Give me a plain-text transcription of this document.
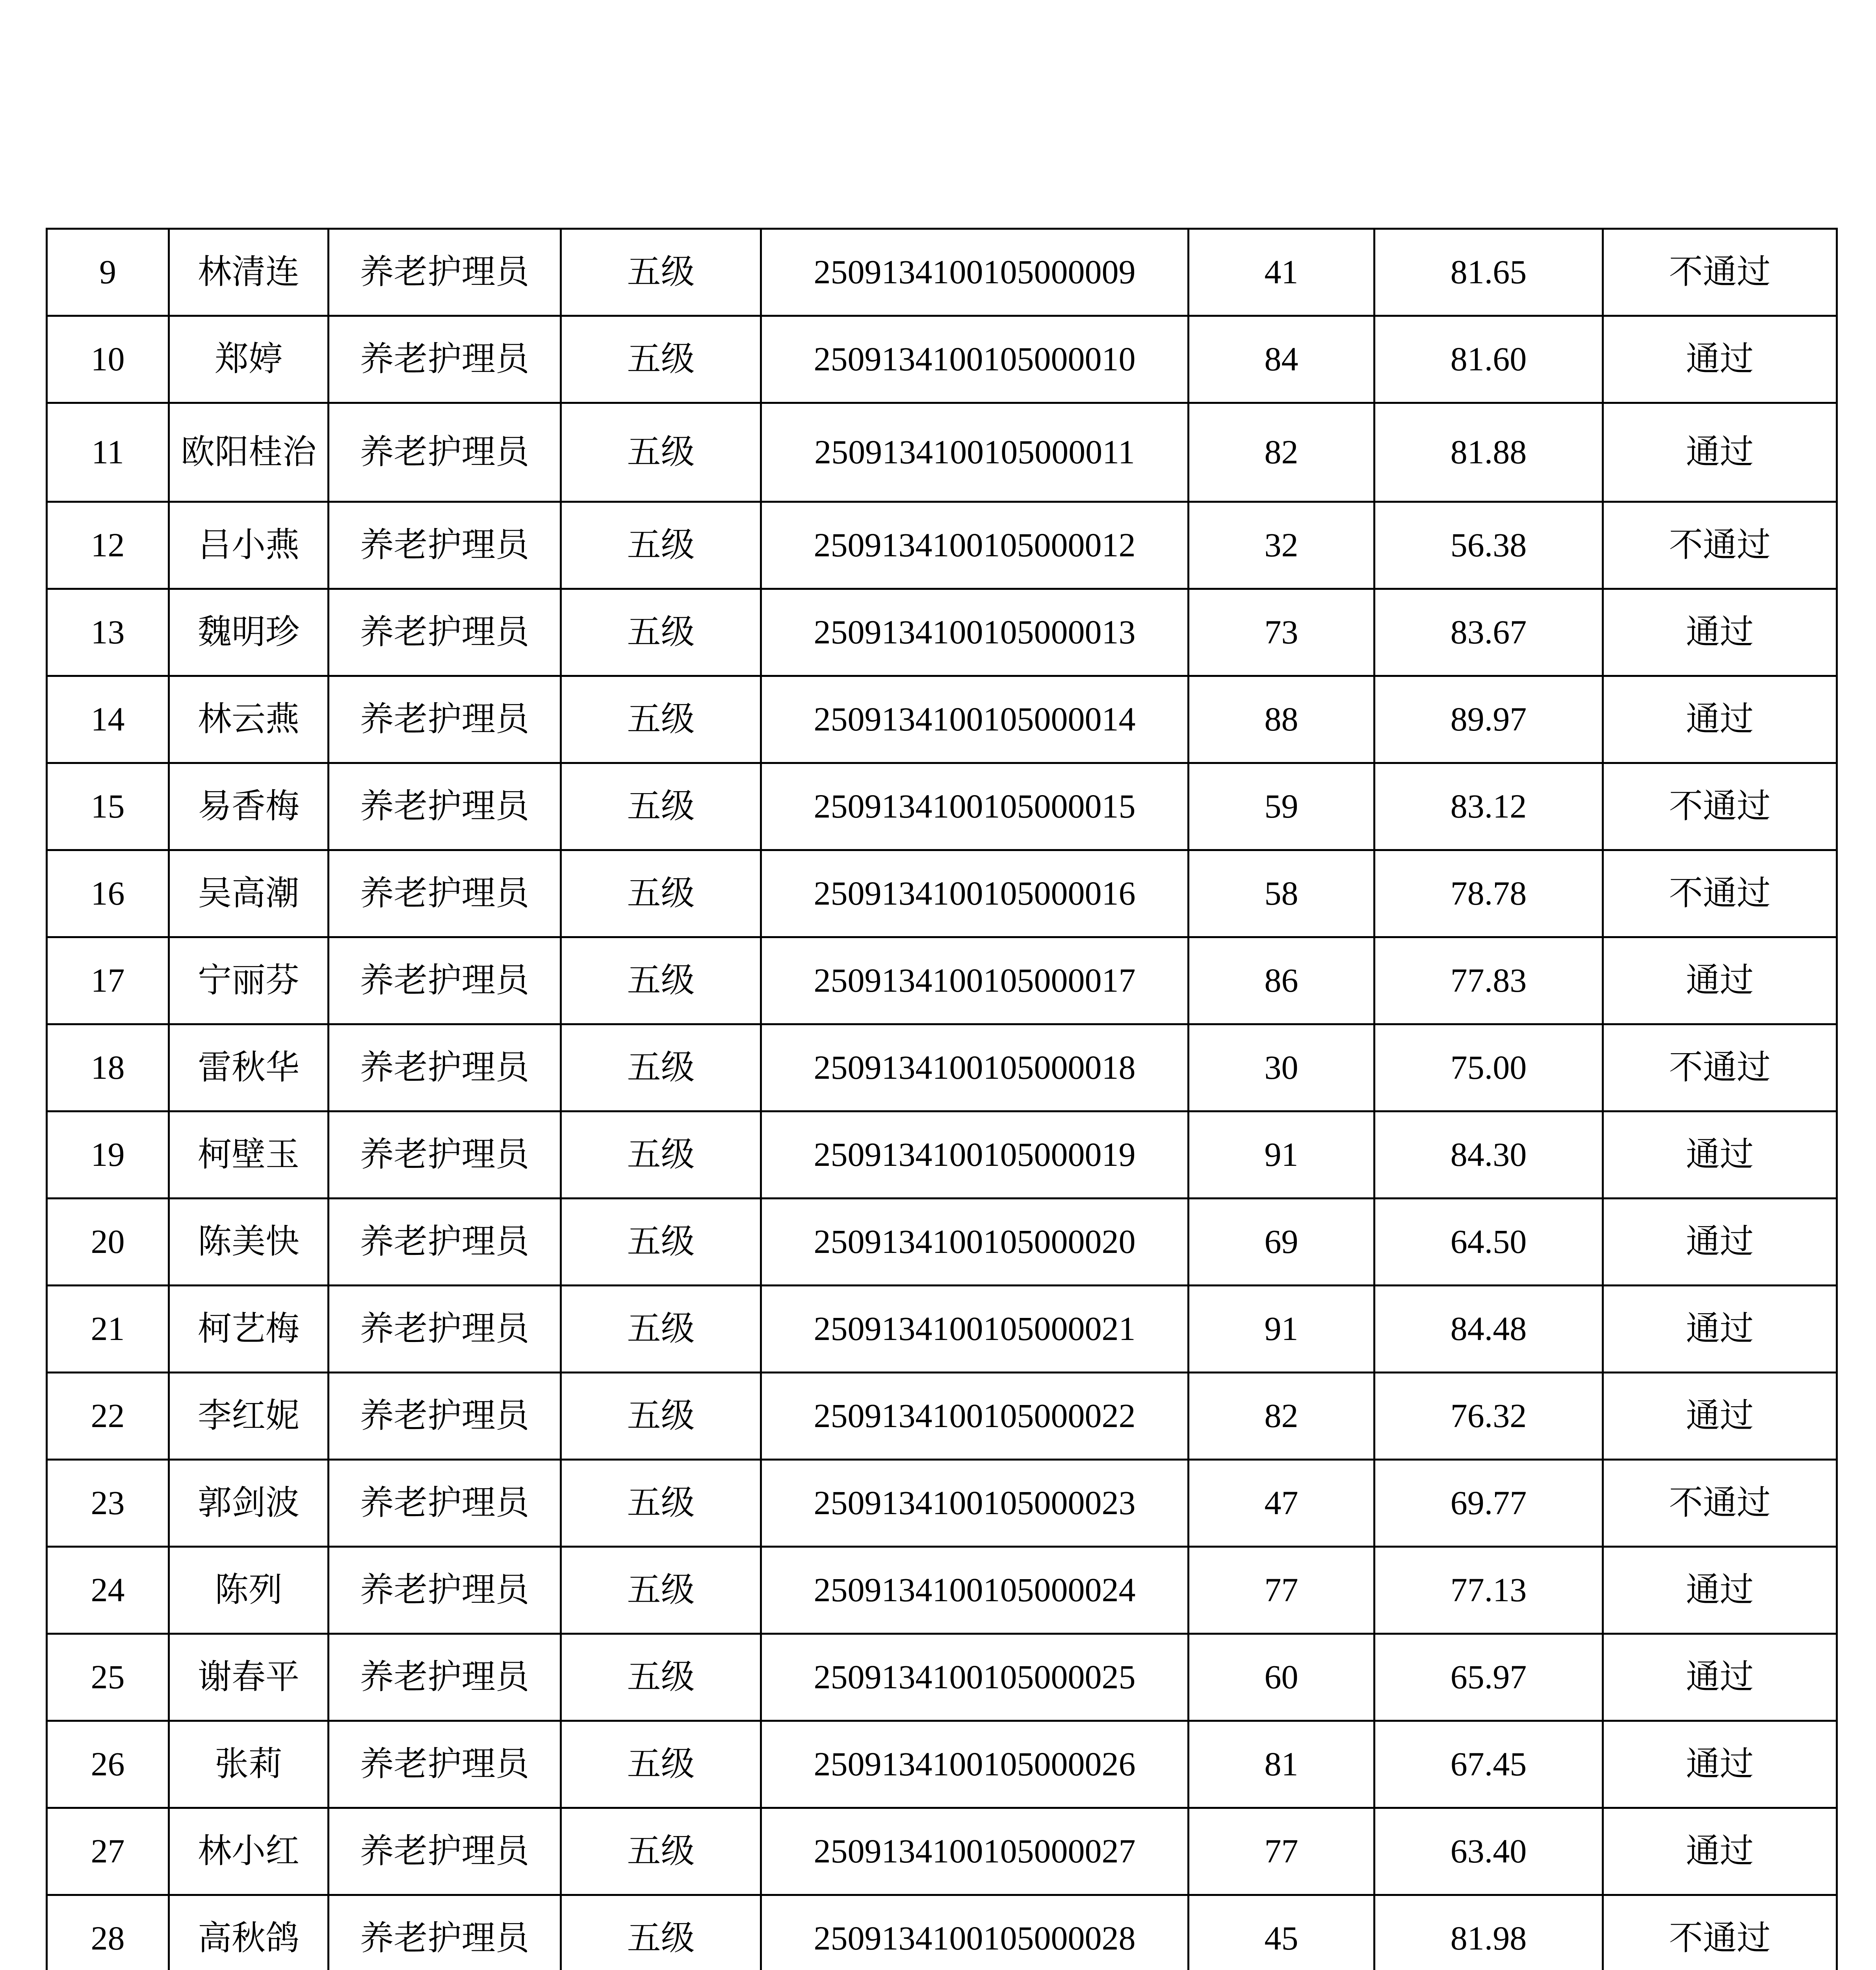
9	林清连	养老护理员	五级	2509134100105000009	41	81.65	不通过
10	郑婷	养老护理员	五级	2509134100105000010	84	81.60	通过
11	欧阳桂治	养老护理员	五级	2509134100105000011	82	81.88	通过
12	吕小燕	养老护理员	五级	2509134100105000012	32	56.38	不通过
13	魏明珍	养老护理员	五级	2509134100105000013	73	83.67	通过
14	林云燕	养老护理员	五级	2509134100105000014	88	89.97	通过
15	易香梅	养老护理员	五级	2509134100105000015	59	83.12	不通过
16	吴高潮	养老护理员	五级	2509134100105000016	58	78.78	不通过
17	宁丽芬	养老护理员	五级	2509134100105000017	86	77.83	通过
18	雷秋华	养老护理员	五级	2509134100105000018	30	75.00	不通过
19	柯壁玉	养老护理员	五级	2509134100105000019	91	84.30	通过
20	陈美快	养老护理员	五级	2509134100105000020	69	64.50	通过
21	柯艺梅	养老护理员	五级	2509134100105000021	91	84.48	通过
22	李红妮	养老护理员	五级	2509134100105000022	82	76.32	通过
23	郭剑波	养老护理员	五级	2509134100105000023	47	69.77	不通过
24	陈列	养老护理员	五级	2509134100105000024	77	77.13	通过
25	谢春平	养老护理员	五级	2509134100105000025	60	65.97	通过
26	张莉	养老护理员	五级	2509134100105000026	81	67.45	通过
27	林小红	养老护理员	五级	2509134100105000027	77	63.40	通过
28	高秋鸽	养老护理员	五级	2509134100105000028	45	81.98	不通过
